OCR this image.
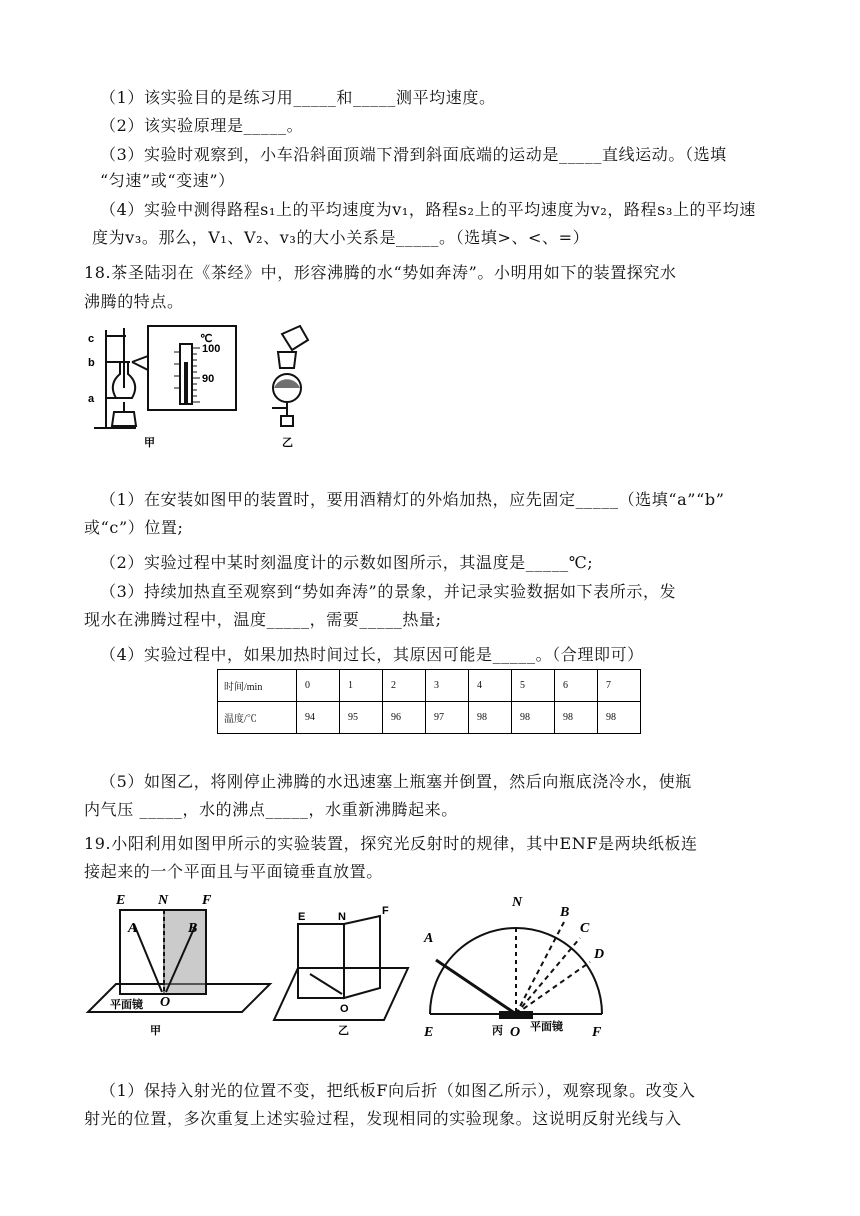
（1）该实验目的是练习用_____和_____测平均速度。
（2）该实验原理是_____。
（3）实验时观察到，小车沿斜面顶端下滑到斜面底端的运动是_____直线运动。（选填
“匀速”或“变速”）
（4）实验中测得路程s₁上的平均速度为v₁，路程s₂上的平均速度为v₂，路程s₃上的平均速
度为v₃。那么，V₁、V₂、v₃的大小关系是_____。（选填>、<、=）
18.茶圣陆羽在《茶经》中，形容沸腾的水“势如奔涛”。小明用如下的装置探究水
沸腾的特点。
c
b
a
℃
100
90
甲	乙
（1）在安装如图甲的装置时，要用酒精灯的外焰加热，应先固定_____（选填“a”“b”
或“c”）位置;
（2）实验过程中某时刻温度计的示数如图所示，其温度是_____℃;
（3）持续加热直至观察到“势如奔涛”的景象，并记录实验数据如下表所示，发
现水在沸腾过程中，温度_____，需要_____热量;
（4）实验过程中，如果加热时间过长，其原因可能是_____。（合理即可）
时间/min	0	1	2	3	4	5	6	7
温度/℃	94	95	96	97	98	98	98	98
（5）如图乙，将刚停止沸腾的水迅速塞上瓶塞并倒置，然后向瓶底浇冷水，使瓶
内气压 _____，水的沸点_____，水重新沸腾起来。
19.小阳利用如图甲所示的实验装置，探究光反射时的规律，其中ENF是两块纸板连
接起来的一个平面且与平面镜垂直放置。
E N F
A	B
O
平面镜
甲
E	N	F
O
乙
A
N
B
C
D
E	O	F
平面镜
丙
（1）保持入射光的位置不变，把纸板F向后折（如图乙所示），观察现象。改变入
射光的位置，多次重复上述实验过程，发现相同的实验现象。这说明反射光线与入
